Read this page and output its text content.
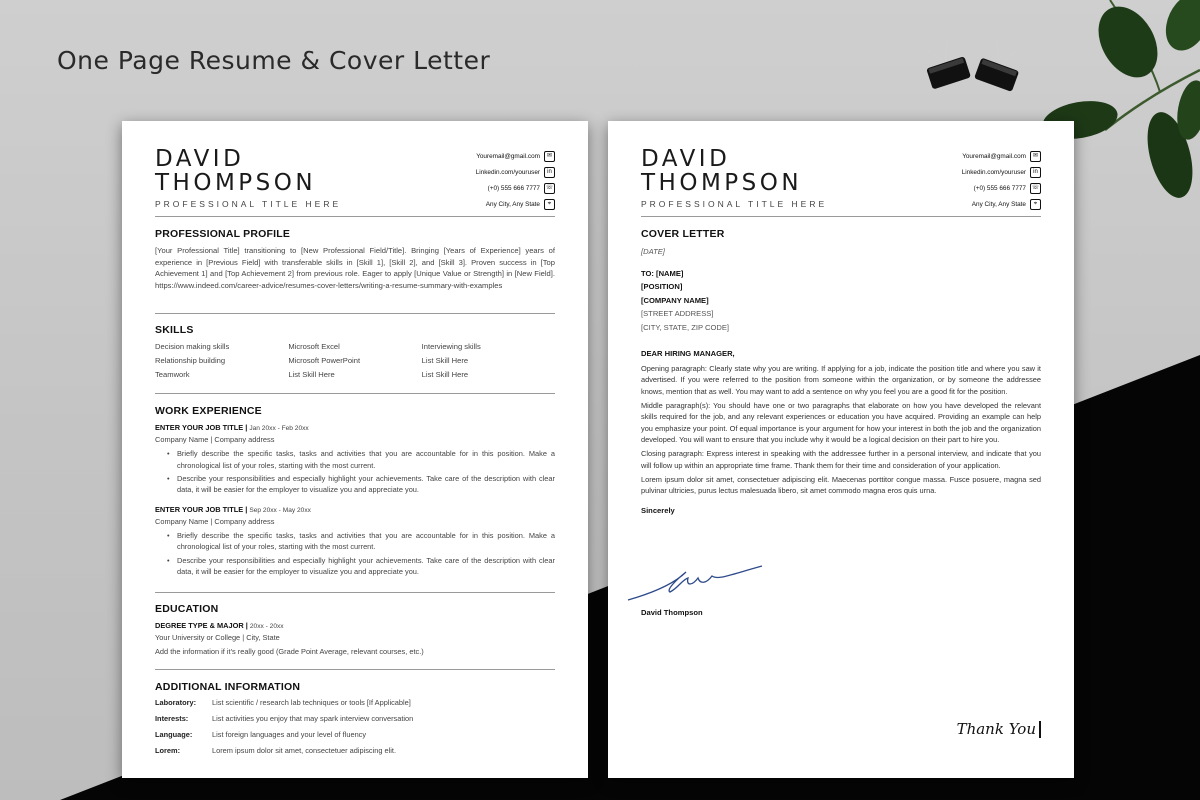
One Page Resume & Cover Letter
DAVID
THOMPSON
PROFESSIONAL TITLE HERE
Youremail@gmail.com	✉
Linkedin.com/youruser	in
(+0) 555 666 7777 ☏
Any City, Any State	⌖
PROFESSIONAL PROFILE
[Your Professional Title] transitioning to [New Professional Field/Title]. Bringing [Years of Experience] years of experience in [Previous Field] with transferable skills in [Skill 1], [Skill 2], and [Skill 3]. Proven success in [Top Achievement 1] and [Top Achievement 2] from previous role. Eager to apply [Unique Value or Strength] in [New Field]. https://www.indeed.com/career-advice/resumes-cover-letters/writing-a-resume-summary-with-examples
SKILLS
Decision making skills	Microsoft Excel	Interviewing skills
Relationship building	Microsoft PowerPoint	List Skill Here
Teamwork	List Skill Here	List Skill Here
WORK EXPERIENCE
ENTER YOUR JOB TITLE | Jan 20xx - Feb 20xx
Company Name | Company address
• Briefly describe the specific tasks, tasks and activities that you are accountable for in this position. Make a chronological list of your roles, starting with the most current.
• Describe your responsibilities and especially highlight your achievements. Take care of the description with clear data, it will be easier for the employer to visualize you and appreciate you.
ENTER YOUR JOB TITLE | Sep 20xx - May 20xx
Company Name | Company address
• Briefly describe the specific tasks, tasks and activities that you are accountable for in this position. Make a chronological list of your roles, starting with the most current.
• Describe your responsibilities and especially highlight your achievements. Take care of the description with clear data, it will be easier for the employer to visualize you and appreciate you.
EDUCATION
DEGREE TYPE & MAJOR | 20xx - 20xx
Your University or College | City, State
Add the information if it's really good (Grade Point Average, relevant courses, etc.)
ADDITIONAL INFORMATION
Laboratory:	List scientific / research lab techniques or tools [If Applicable]
Interests:	List activities you enjoy that may spark interview conversation
Language:	List foreign languages and your level of fluency
Lorem:	Lorem ipsum dolor sit amet, consectetuer adipiscing elit.
DAVID
THOMPSON
PROFESSIONAL TITLE HERE
Youremail@gmail.com	✉
Linkedin.com/youruser	in
(+0) 555 666 7777 ☏
Any City, Any State	⌖
COVER LETTER
[DATE]
TO: [NAME]
[POSITION]
[COMPANY NAME]
[STREET ADDRESS]
[CITY, STATE, ZIP CODE]
DEAR HIRING MANAGER,
Opening paragraph: Clearly state why you are writing. If applying for a job, indicate the position title and where you saw it advertised. If you were referred to the position from someone within the organization, or by someone the addressee knows, mention that as well. You may want to add a sentence on why you feel you are a good fit for the position.
Middle paragraph(s): You should have one or two paragraphs that elaborate on how you have developed the relevant skills required for the job, and any relevant experiences or education you have acquired. Providing an example can help you emphasize your point. Of equal importance is your argument for how your interest in both the job and the organization developed. You will want to ensure that you include why it would be a logical decision on their part to hire you.
Closing paragraph: Express interest in speaking with the addressee further in a personal interview, and indicate that you will follow up within an appropriate time frame. Thank them for their time and consideration of your application.
Lorem ipsum dolor sit amet, consectetuer adipiscing elit. Maecenas porttitor congue massa. Fusce posuere, magna sed pulvinar ultricies, purus lectus malesuada libero, sit amet commodo magna eros quis urna.
Sincerely
David Thompson
Thank You
